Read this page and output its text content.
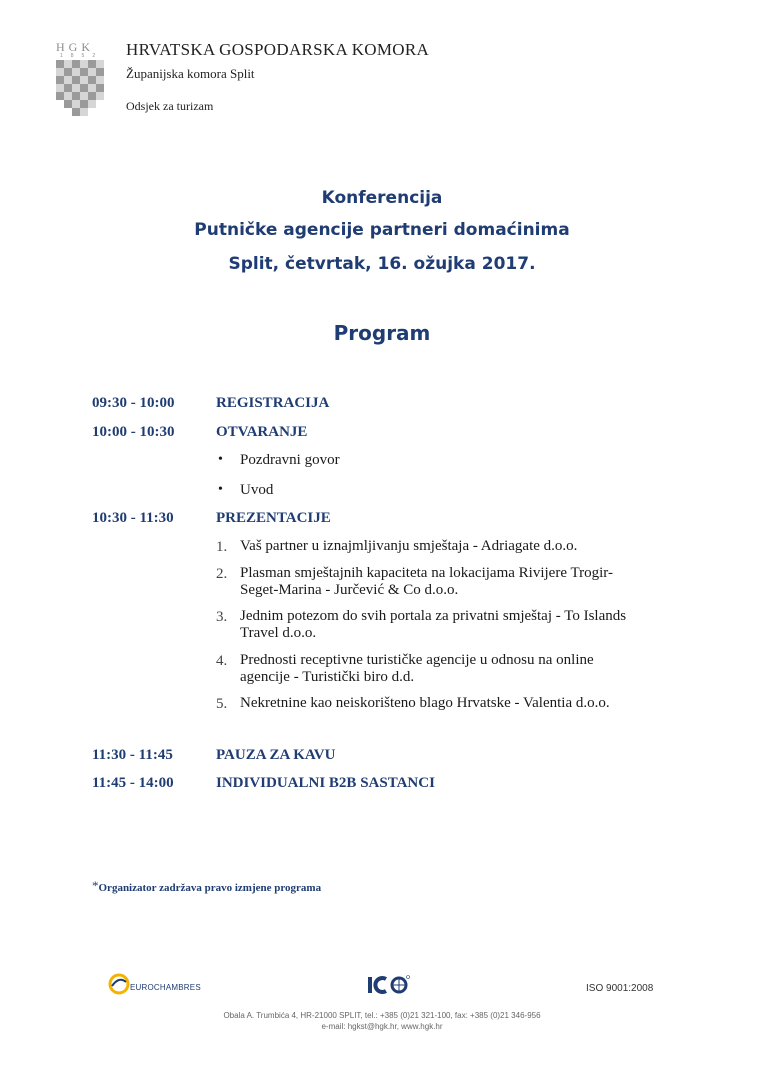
HGK
1852 HRVATSKA GOSPODARSKA KOMORA
Županijska komora Split
Odsjek za turizam
Konferencija
Putničke agencije partneri domaćinima
Split, četvrtak, 16. ožujka 2017.
Program
09:30 - 10:00	REGISTRACIJA
10:00 - 10:30	OTVARANJE
• Pozdravni govor
• Uvod
10:30 - 11:30	PREZENTACIJE
1. Vaš partner u iznajmljivanju smještaja - Adriagate d.o.o.
2. Plasman smještajnih kapaciteta na lokacijama Rivijere Trogir-
Seget-Marina - Jurčević & Co d.o.o.
3. Jednim potezom do svih portala za privatni smještaj - To Islands
Travel d.o.o.
4. Prednosti receptivne turističke agencije u odnosu na online
agencije - Turistički biro d.d.
5. Nekretnine kao neiskorišteno blago Hrvatske - Valentia d.o.o.
11:30 - 11:45	PAUZA ZA KAVU
11:45 - 14:00	INDIVIDUALNI B2B SASTANCI
*Organizator zadržava pravo izmjene programa
EUROCHAMBRES	ISO 9001:2008
Obala A. Trumbića 4, HR-21000 SPLIT, tel.: +385 (0)21 321-100, fax: +385 (0)21 346-956
e-mail: hgkst@hgk.hr, www.hgk.hr
